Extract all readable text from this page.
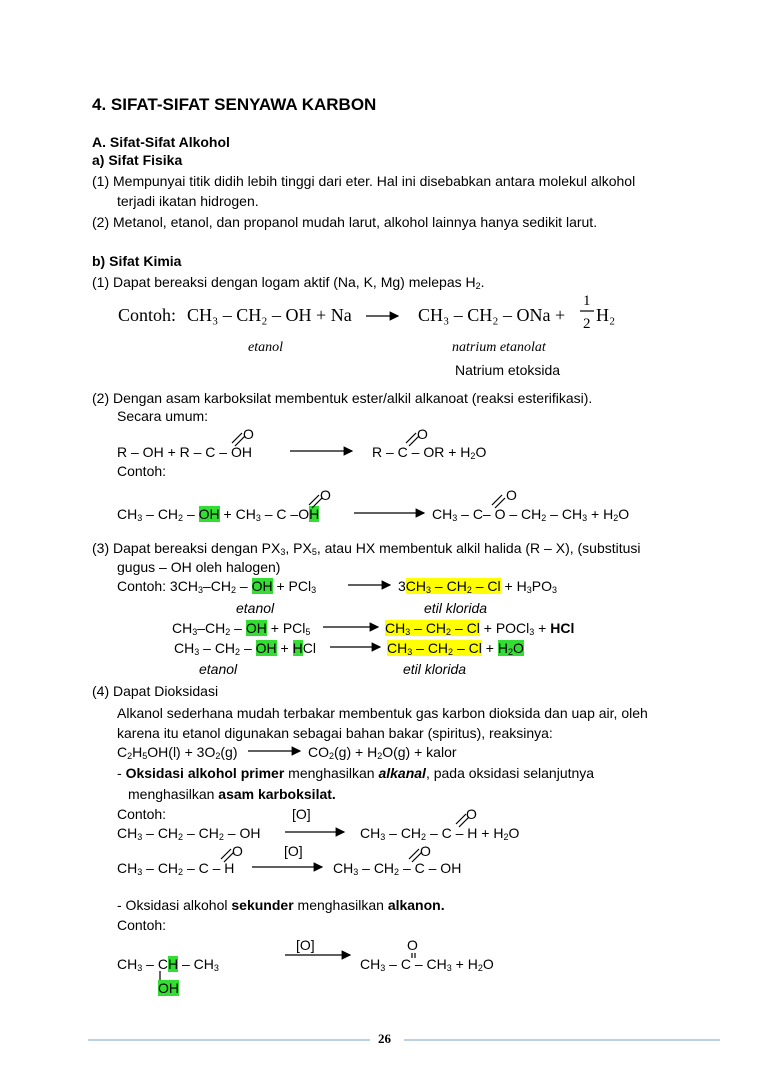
4. SIFAT-SIFAT SENYAWA KARBON
A. Sifat-Sifat Alkohol
a) Sifat Fisika
(1) Mempunyai titik didih lebih tinggi dari eter. Hal ini disebabkan antara molekul alkohol
terjadi ikatan hidrogen.
(2) Metanol, etanol, dan propanol mudah larut, alkohol lainnya hanya sedikit larut.
b) Sifat Kimia
(1) Dapat bereaksi dengan logam aktif (Na, K, Mg) melepas $H_2$.
Contoh: CH₃ – CH₂ – OH + Na	CH₃ – CH₂ – ONa +
1
2 H₂
etanol	natrium etanolat
Natrium etoksida
(2) Dengan asam karboksilat membentuk ester/alkil alkanoat (reaksi esterifikasi).
Secara umum:
O	O
R – OH + R – C – OH	R – C – OR + $H_2O$
Contoh:
O	O
$CH_3 - CH_2$ – OH + $CH_3$ – C –OH	$CH_3 - C-$ $O - CH_2 - CH_3 + H_2O$
(3) Dapat bereaksi dengan $PX_3$, $PX_5$, atau HX membentuk alkil halida (R – X), (substitusi
gugus – OH oleh halogen)
Contoh: $3CH_3-CH_2$ – OH + PCl$_3$	$3CH_3 - CH_2 - Cl + H_3PO_3$
etanol	etil klorida
$CH_3-CH_2$ – OH + PCl$_5$	$CH_3 - CH_2$ – Cl + POCl$_3$ + HCl
$CH_3 - CH_2$ – OH + HCl	$CH_3 - CH_2 - Cl + H_2O$
etanol	etil klorida
(4) Dapat Dioksidasi
Alkanol sederhana mudah terbakar membentuk gas karbon dioksida dan uap air, oleh
karena itu etanol digunakan sebagai bahan bakar (spiritus), reaksinya:
$C_2H_5OH(l) + 3O_2(g)$	$CO_2(g) + H_2O(g)$ + kalor
- Oksidasi alkohol primer menghasilkan alkanal, pada oksidasi selanjutnya
menghasilkan asam karboksilat.
Contoh:	[O]	O
$CH_3 - CH_2 - CH_2$ – OH	$CH_3 - CH_2 - C - H + H_2O$
O	[O]	O
$CH_3 - CH_2$ – C – H	$CH_3 - CH_2$ – C – OH
- Oksidasi alkohol sekunder menghasilkan alkanon.
Contoh:
[O]	O
$CH_3$ – CH – $CH_3$	$CH_3 - C - CH_3 + H_2O$
OH
26
